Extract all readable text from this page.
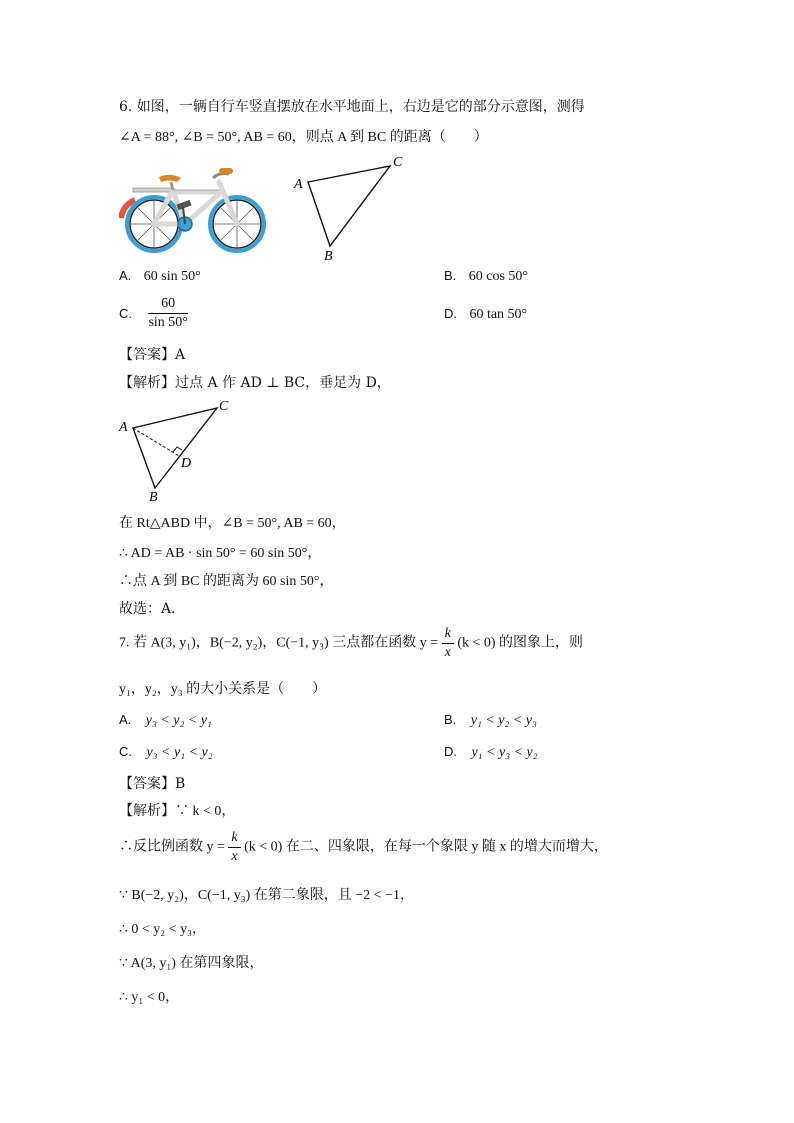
6. 如图，一辆自行车竖直摆放在水平地面上，右边是它的部分示意图，测得
∠A = 88°, ∠B = 50°, AB = 60，则点 A 到 BC 的距离（　　）
A
C
B
A. 60 sin 50°	B. 60 cos 50°
C. $\frac{60}{\sin 50^\circ}$	D. 60 tan 50°
【答案】A
【解析】过点 A 作 AD ⊥ BC，垂足为 D，
A
C
B
D
在 Rt△ABD 中，∠B = 50°, AB = 60，
∴ AD = AB · sin 50° = 60 sin 50°，
∴点 A 到 BC 的距离为 60 sin 50°，
故选：A．
7. 若 A(3, y₁)，B(−2, y₂)，C(−1, y₃) 三点都在函数 $y = \frac{k}{x} (k < 0)$ 的图象上，则
y₁，y₂，y₃ 的大小关系是（　　）
A. y₃ < y₂ < y₁	B. y₁ < y₂ < y₃
C. y₃ < y₁ < y₂	D. y₁ < y₃ < y₂
【答案】B
【解析】∵ k < 0，
∴反比例函数 $y = \frac{k}{x} (k < 0)$ 在二、四象限，在每一个象限 y 随 x 的增大而增大，
∵ B(−2, y₂)，C(−1, y₃) 在第二象限，且 −2 < −1，
∴ 0 < y₂ < y₃，
∵ A(3, y₁) 在第四象限，
∴ y₁ < 0，
